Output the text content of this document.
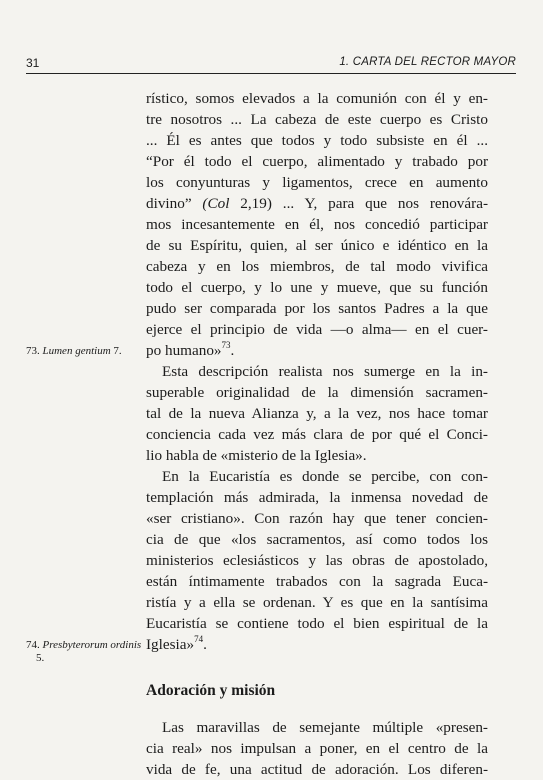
31	1. CARTA DEL RECTOR MAYOR
rístico, somos elevados a la comunión con él y en-
tre nosotros ... La cabeza de este cuerpo es Cristo
... Él es antes que todos y todo subsiste en él ...
“Por él todo el cuerpo, alimentado y trabado por
los conyunturas y ligamentos, crece en aumento
divino” (Col 2,19) ... Y, para que nos renovára-
mos incesantemente en él, nos concedió participar
de su Espíritu, quien, al ser único e idéntico en la
cabeza y en los miembros, de tal modo vivifica
todo el cuerpo, y lo une y mueve, que su función
pudo ser comparada por los santos Padres a la que
ejerce el principio de vida —o alma— en el cuer-
po humano»$^{73}$.
Esta descripción realista nos sumerge en la in-
superable originalidad de la dimensión sacramen-
tal de la nueva Alianza y, a la vez, nos hace tomar
conciencia cada vez más clara de por qué el Conci-
lio habla de «misterio de la Iglesia».
En la Eucaristía es donde se percibe, con con-
templación más admirada, la inmensa novedad de
«ser cristiano». Con razón hay que tener concien-
cia de que «los sacramentos, así como todos los
ministerios eclesiásticos y las obras de apostolado,
están íntimamente trabados con la sagrada Euca-
ristía y a ella se ordenan. Y es que en la santísima
Eucaristía se contiene todo el bien espiritual de la
Iglesia»$^{74}$.
Adoración y misión
Las maravillas de semejante múltiple «presen-
cia real» nos impulsan a poner, en el centro de la
vida de fe, una actitud de adoración. Los diferen-
73. Lumen gentium 7.
74. Presbyterorum ordinis
5.
